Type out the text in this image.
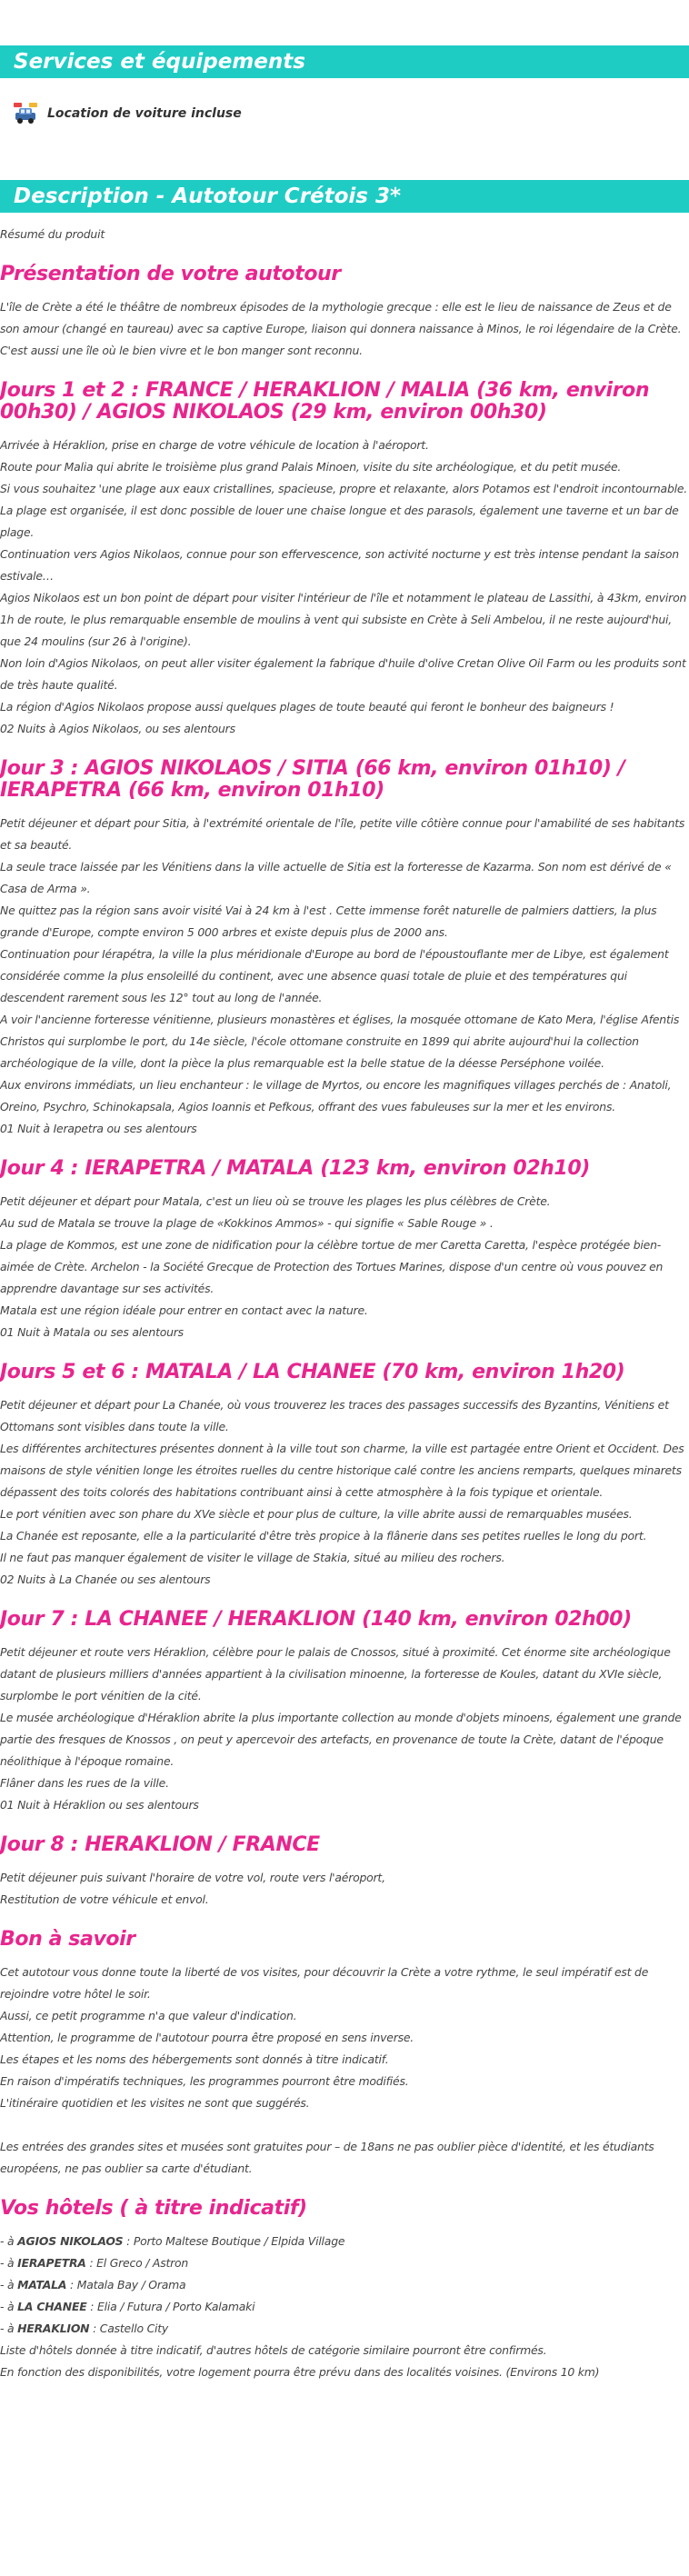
Services et équipements
Location de voiture incluse
Description - Autotour Crétois 3*

Résumé du produit

Présentation de votre autotour

L'île de Crète a été le théâtre de nombreux épisodes de la mythologie grecque : elle est le lieu de naissance de Zeus et de son amour (changé en taureau) avec sa captive Europe, liaison qui donnera naissance à Minos, le roi légendaire de la Crète.

C'est aussi une île où le bien vivre et le bon manger sont reconnu.

Jours 1 et 2 : FRANCE / HERAKLION / MALIA (36 km, environ 00h30) / AGIOS NIKOLAOS (29 km, environ 00h30)

Arrivée à Héraklion, prise en charge de votre véhicule de location à l'aéroport.

Route pour Malia qui abrite le troisième plus grand Palais Minoen, visite du site archéologique, et du petit musée.

Si vous souhaitez 'une plage aux eaux cristallines, spacieuse, propre et relaxante, alors Potamos est l'endroit incontournable. La plage est organisée, il est donc possible de louer une chaise longue et des parasols, également une taverne et un bar de plage.

Continuation vers Agios Nikolaos, connue pour son effervescence, son activité nocturne y est très intense pendant la saison estivale…

Agios Nikolaos est un bon point de départ pour visiter l'intérieur de l'île et notamment le plateau de Lassithi, à 43km, environ 1h de route, le plus remarquable ensemble de moulins à vent qui subsiste en Crète à Seli Ambelou, il ne reste aujourd'hui, que 24 moulins (sur 26 à l'origine).

Non loin d'Agios Nikolaos, on peut aller visiter également la fabrique d'huile d'olive Cretan Olive Oil Farm ou les produits sont de très haute qualité.

La région d'Agios Nikolaos propose aussi quelques plages de toute beauté qui feront le bonheur des baigneurs !

02 Nuits à Agios Nikolaos, ou ses alentours

Jour 3 : AGIOS NIKOLAOS / SITIA (66 km, environ 01h10) / IERAPETRA (66 km, environ 01h10)

Petit déjeuner et départ pour Sitia, à l'extrémité orientale de l'île, petite ville côtière connue pour l'amabilité de ses habitants et sa beauté.

La seule trace laissée par les Vénitiens dans la ville actuelle de Sitia est la forteresse de Kazarma. Son nom est dérivé de « Casa de Arma ».

Ne quittez pas la région sans avoir visité Vai à 24 km à l'est . Cette immense forêt naturelle de palmiers dattiers, la plus grande d'Europe, compte environ 5 000 arbres et existe depuis plus de 2000 ans.

Continuation pour Iérapétra, la ville la plus méridionale d'Europe au bord de l'époustouflante mer de Libye, est également considérée comme la plus ensoleillé du continent, avec une absence quasi totale de pluie et des températures qui descendent rarement sous les 12° tout au long de l'année.

A voir l'ancienne forteresse vénitienne, plusieurs monastères et églises, la mosquée ottomane de Kato Mera, l'église Afentis Christos qui surplombe le port, du 14e siècle, l'école ottomane construite en 1899 qui abrite aujourd'hui la collection archéologique de la ville, dont la pièce la plus remarquable est la belle statue de la déesse Perséphone voilée.

Aux environs immédiats, un lieu enchanteur : le village de Myrtos, ou encore les magnifiques villages perchés de : Anatoli, Oreino, Psychro, Schinokapsala, Agios Ioannis et Pefkous, offrant des vues fabuleuses sur la mer et les environs.

01 Nuit à Ierapetra ou ses alentours

Jour 4 : IERAPETRA / MATALA (123 km, environ 02h10)

Petit déjeuner et départ pour Matala, c'est un lieu où se trouve les plages les plus célèbres de Crète.

Au sud de Matala se trouve la plage de «Kokkinos Ammos» - qui signifie « Sable Rouge » .

La plage de Kommos, est une zone de nidification pour la célèbre tortue de mer Caretta Caretta, l'espèce protégée bien-aimée de Crète. Archelon - la Société Grecque de Protection des Tortues Marines, dispose d'un centre où vous pouvez en apprendre davantage sur ses activités.

Matala est une région idéale pour entrer en contact avec la nature.

01 Nuit à Matala ou ses alentours

Jours 5 et 6 : MATALA / LA CHANEE (70 km, environ 1h20)

Petit déjeuner et départ pour La Chanée, où vous trouverez les traces des passages successifs des Byzantins, Vénitiens et Ottomans sont visibles dans toute la ville.

Les différentes architectures présentes donnent à la ville tout son charme, la ville est partagée entre Orient et Occident. Des maisons de style vénitien longe les étroites ruelles du centre historique calé contre les anciens remparts, quelques minarets dépassent des toits colorés des habitations contribuant ainsi à cette atmosphère à la fois typique et orientale.

Le port vénitien avec son phare du XVe siècle et pour plus de culture, la ville abrite aussi de remarquables musées.

La Chanée est reposante, elle a la particularité d'être très propice à la flânerie dans ses petites ruelles le long du port.

Il ne faut pas manquer également de visiter le village de Stakia, situé au milieu des rochers.

02 Nuits à La Chanée ou ses alentours

Jour 7 : LA CHANEE / HERAKLION (140 km, environ 02h00)

Petit déjeuner et route vers Héraklion, célèbre pour le palais de Cnossos, situé à proximité. Cet énorme site archéologique datant de plusieurs milliers d'années appartient à la civilisation minoenne, la forteresse de Koules, datant du XVIe siècle, surplombe le port vénitien de la cité.

Le musée archéologique d'Héraklion abrite la plus importante collection au monde d'objets minoens, également une grande partie des fresques de Knossos , on peut y apercevoir des artefacts, en provenance de toute la Crète, datant de l'époque néolithique à l'époque romaine.

Flâner dans les rues de la ville.

01 Nuit à Héraklion ou ses alentours

Jour 8 : HERAKLION / FRANCE

Petit déjeuner puis suivant l'horaire de votre vol, route vers l'aéroport,

Restitution de votre véhicule et envol.

Bon à savoir

Cet autotour vous donne toute la liberté de vos visites, pour découvrir la Crète a votre rythme, le seul impératif est de rejoindre votre hôtel le soir.

Aussi, ce petit programme n'a que valeur d'indication.

Attention, le programme de l'autotour pourra être proposé en sens inverse.

Les étapes et les noms des hébergements sont donnés à titre indicatif.

En raison d'impératifs techniques, les programmes pourront être modifiés.

L'itinéraire quotidien et les visites ne sont que suggérés.

Les entrées des grandes sites et musées sont gratuites pour – de 18ans ne pas oublier pièce d'identité, et les étudiants européens, ne pas oublier sa carte d'étudiant.

Vos hôtels ( à titre indicatif)

- à AGIOS NIKOLAOS : Porto Maltese Boutique / Elpida Village

- à IERAPETRA : El Greco / Astron

- à MATALA : Matala Bay / Orama

- à LA CHANEE : Elia / Futura / Porto Kalamaki

- à HERAKLION : Castello City

Liste d'hôtels donnée à titre indicatif, d'autres hôtels de catégorie similaire pourront être confirmés.

En fonction des disponibilités, votre logement pourra être prévu dans des localités voisines. (Environs 10 km)
